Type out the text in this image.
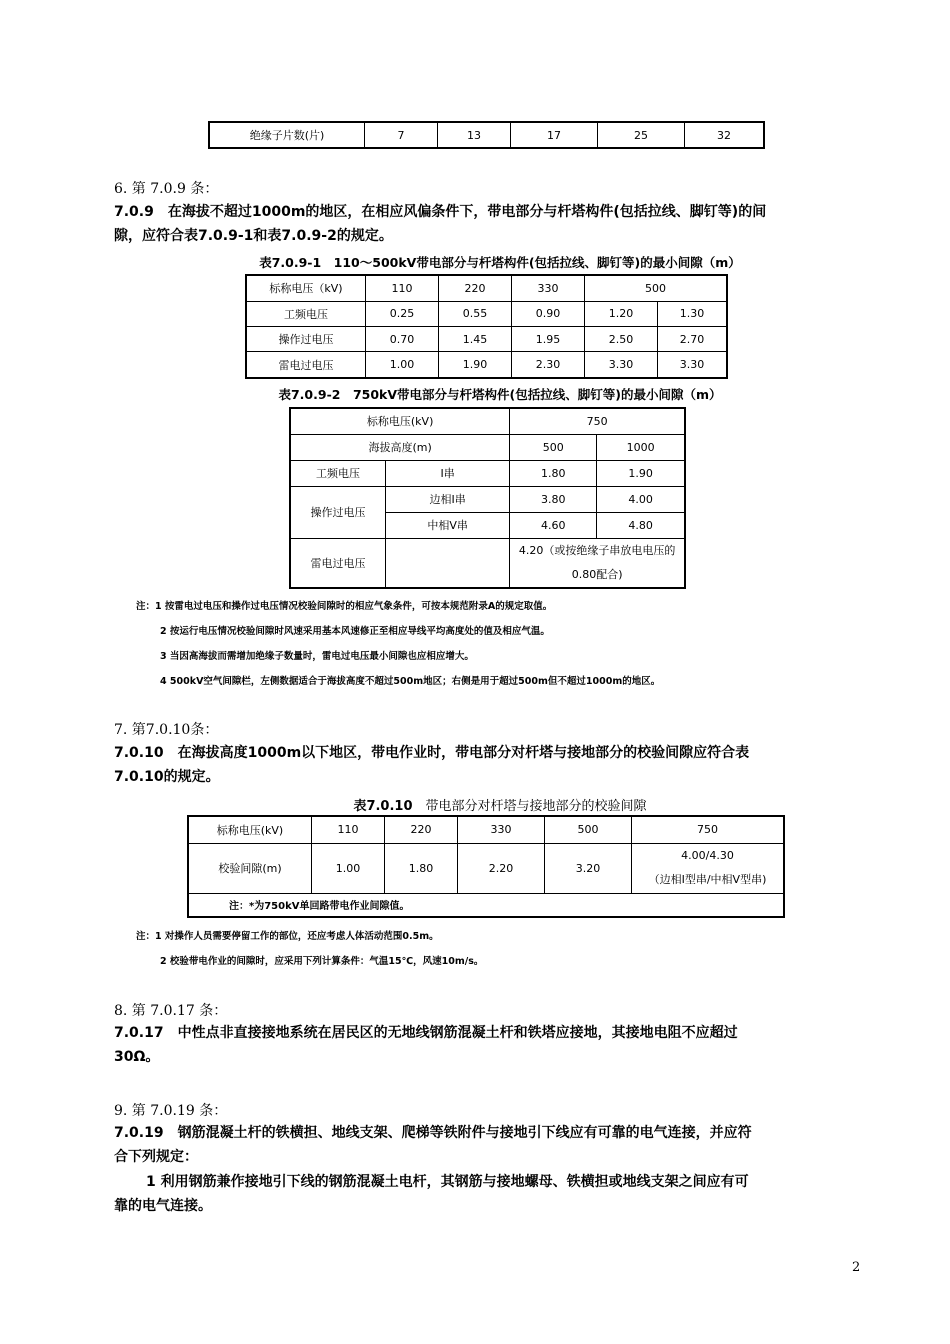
绝缘子片数(片)	7	13	17	25	32
6. 第 7.0.9 条：
7.0.9　在海拔不超过1000m的地区，在相应风偏条件下，带电部分与杆塔构件(包括拉线、脚钉等)的间
隙，应符合表7.0.9-1和表7.0.9-2的规定。
表7.0.9-1　110～500kV带电部分与杆塔构件(包括拉线、脚钉等)的最小间隙（m）
标称电压（kV)	110	220	330	500	
工频电压	0.25	0.55	0.90	1.20	1.30
操作过电压	0.70	1.45	1.95	2.50	2.70
雷电过电压	1.00	1.90	2.30	3.30	3.30
表7.0.9-2　750kV带电部分与杆塔构件(包括拉线、脚钉等)的最小间隙（m）
标称电压(kV)		750	
海拔高度(m)		500	1000
工频电压	I串	1.80	1.90
操作过电压	边相I串	3.80	4.00
	中相V串	4.60	4.80
雷电过电压		4.20（或按绝缘子串放电电压的
0.80配合)	
注：1 按雷电过电压和操作过电压情况校验间隙时的相应气象条件，可按本规范附录A的规定取值。
2 按运行电压情况校验间隙时风速采用基本风速修正至相应导线平均高度处的值及相应气温。
3 当因高海拔而需增加绝缘子数量时，雷电过电压最小间隙也应相应增大。
4 500kV空气间隙栏，左侧数据适合于海拔高度不超过500m地区；右侧是用于超过500m但不超过1000m的地区。
7. 第7.0.10条：
7.0.10　在海拔高度1000m以下地区，带电作业时，带电部分对杆塔与接地部分的校验间隙应符合表
7.0.10的规定。
表7.0.10　带电部分对杆塔与接地部分的校验间隙
标称电压(kV)	110	220	330	500	750
校验间隙(m)	1.00	1.80	2.20	3.20	4.00/4.30
（边相Ⅰ型串/中相Ⅴ型串)

注：*为750kV单回路带电作业间隙值。					
注：1 对操作人员需要停留工作的部位，还应考虑人体活动范围0.5m。
2 校验带电作业的间隙时，应采用下列计算条件：气温15℃，风速10m/s。
8. 第 7.0.17 条：
7.0.17　中性点非直接接地系统在居民区的无地线钢筋混凝土杆和铁塔应接地，其接地电阻不应超过
30Ω。
9. 第 7.0.19 条：
7.0.19　钢筋混凝土杆的铁横担、地线支架、爬梯等铁附件与接地引下线应有可靠的电气连接，并应符
合下列规定：
1 利用钢筋兼作接地引下线的钢筋混凝土电杆，其钢筋与接地螺母、铁横担或地线支架之间应有可
靠的电气连接。
2
